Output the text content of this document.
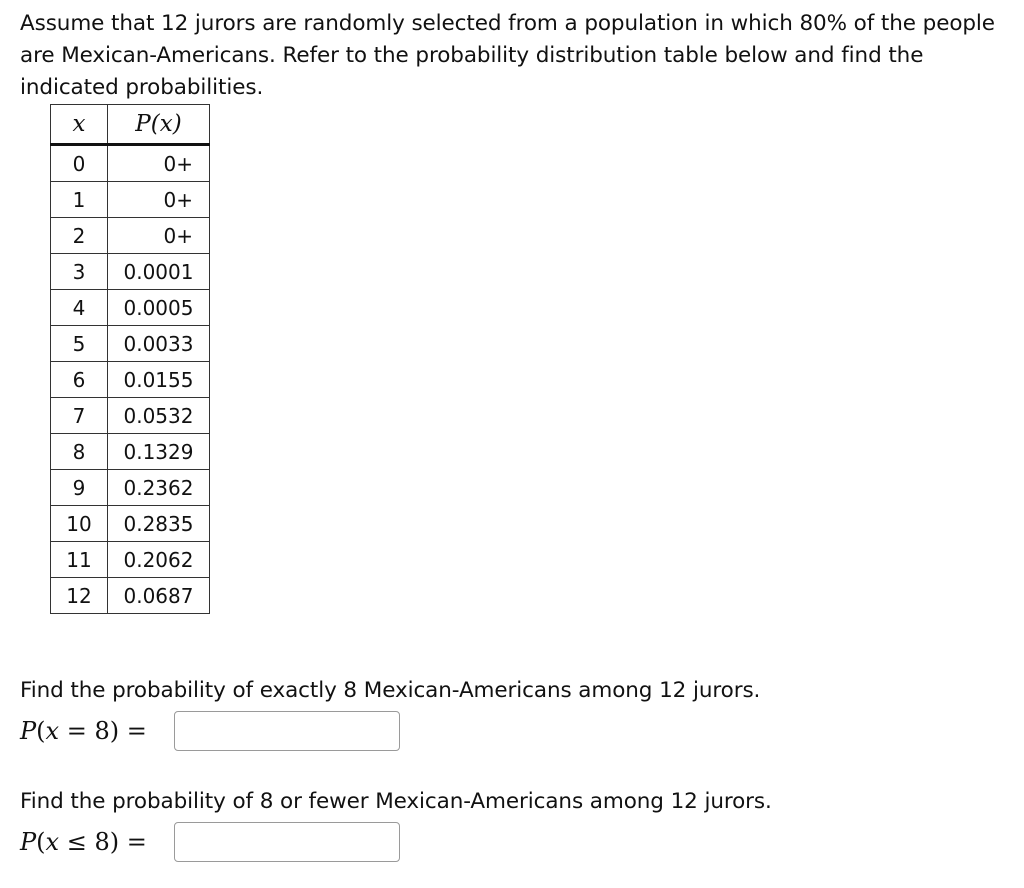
Assume that 12 jurors are randomly selected from a population in which 80% of the people are Mexican-Americans. Refer to the probability distribution table below and find the indicated probabilities.
x	P(x)
0	0+
1	0+
2	0+
3	0.0001
4	0.0005
5	0.0033
6	0.0155
7	0.0532
8	0.1329
9	0.2362
10	0.2835
11	0.2062
12	0.0687
Find the probability of exactly 8 Mexican-Americans among 12 jurors.
P(x = 8) =
Find the probability of 8 or fewer Mexican-Americans among 12 jurors.
P(x ≤ 8) =
